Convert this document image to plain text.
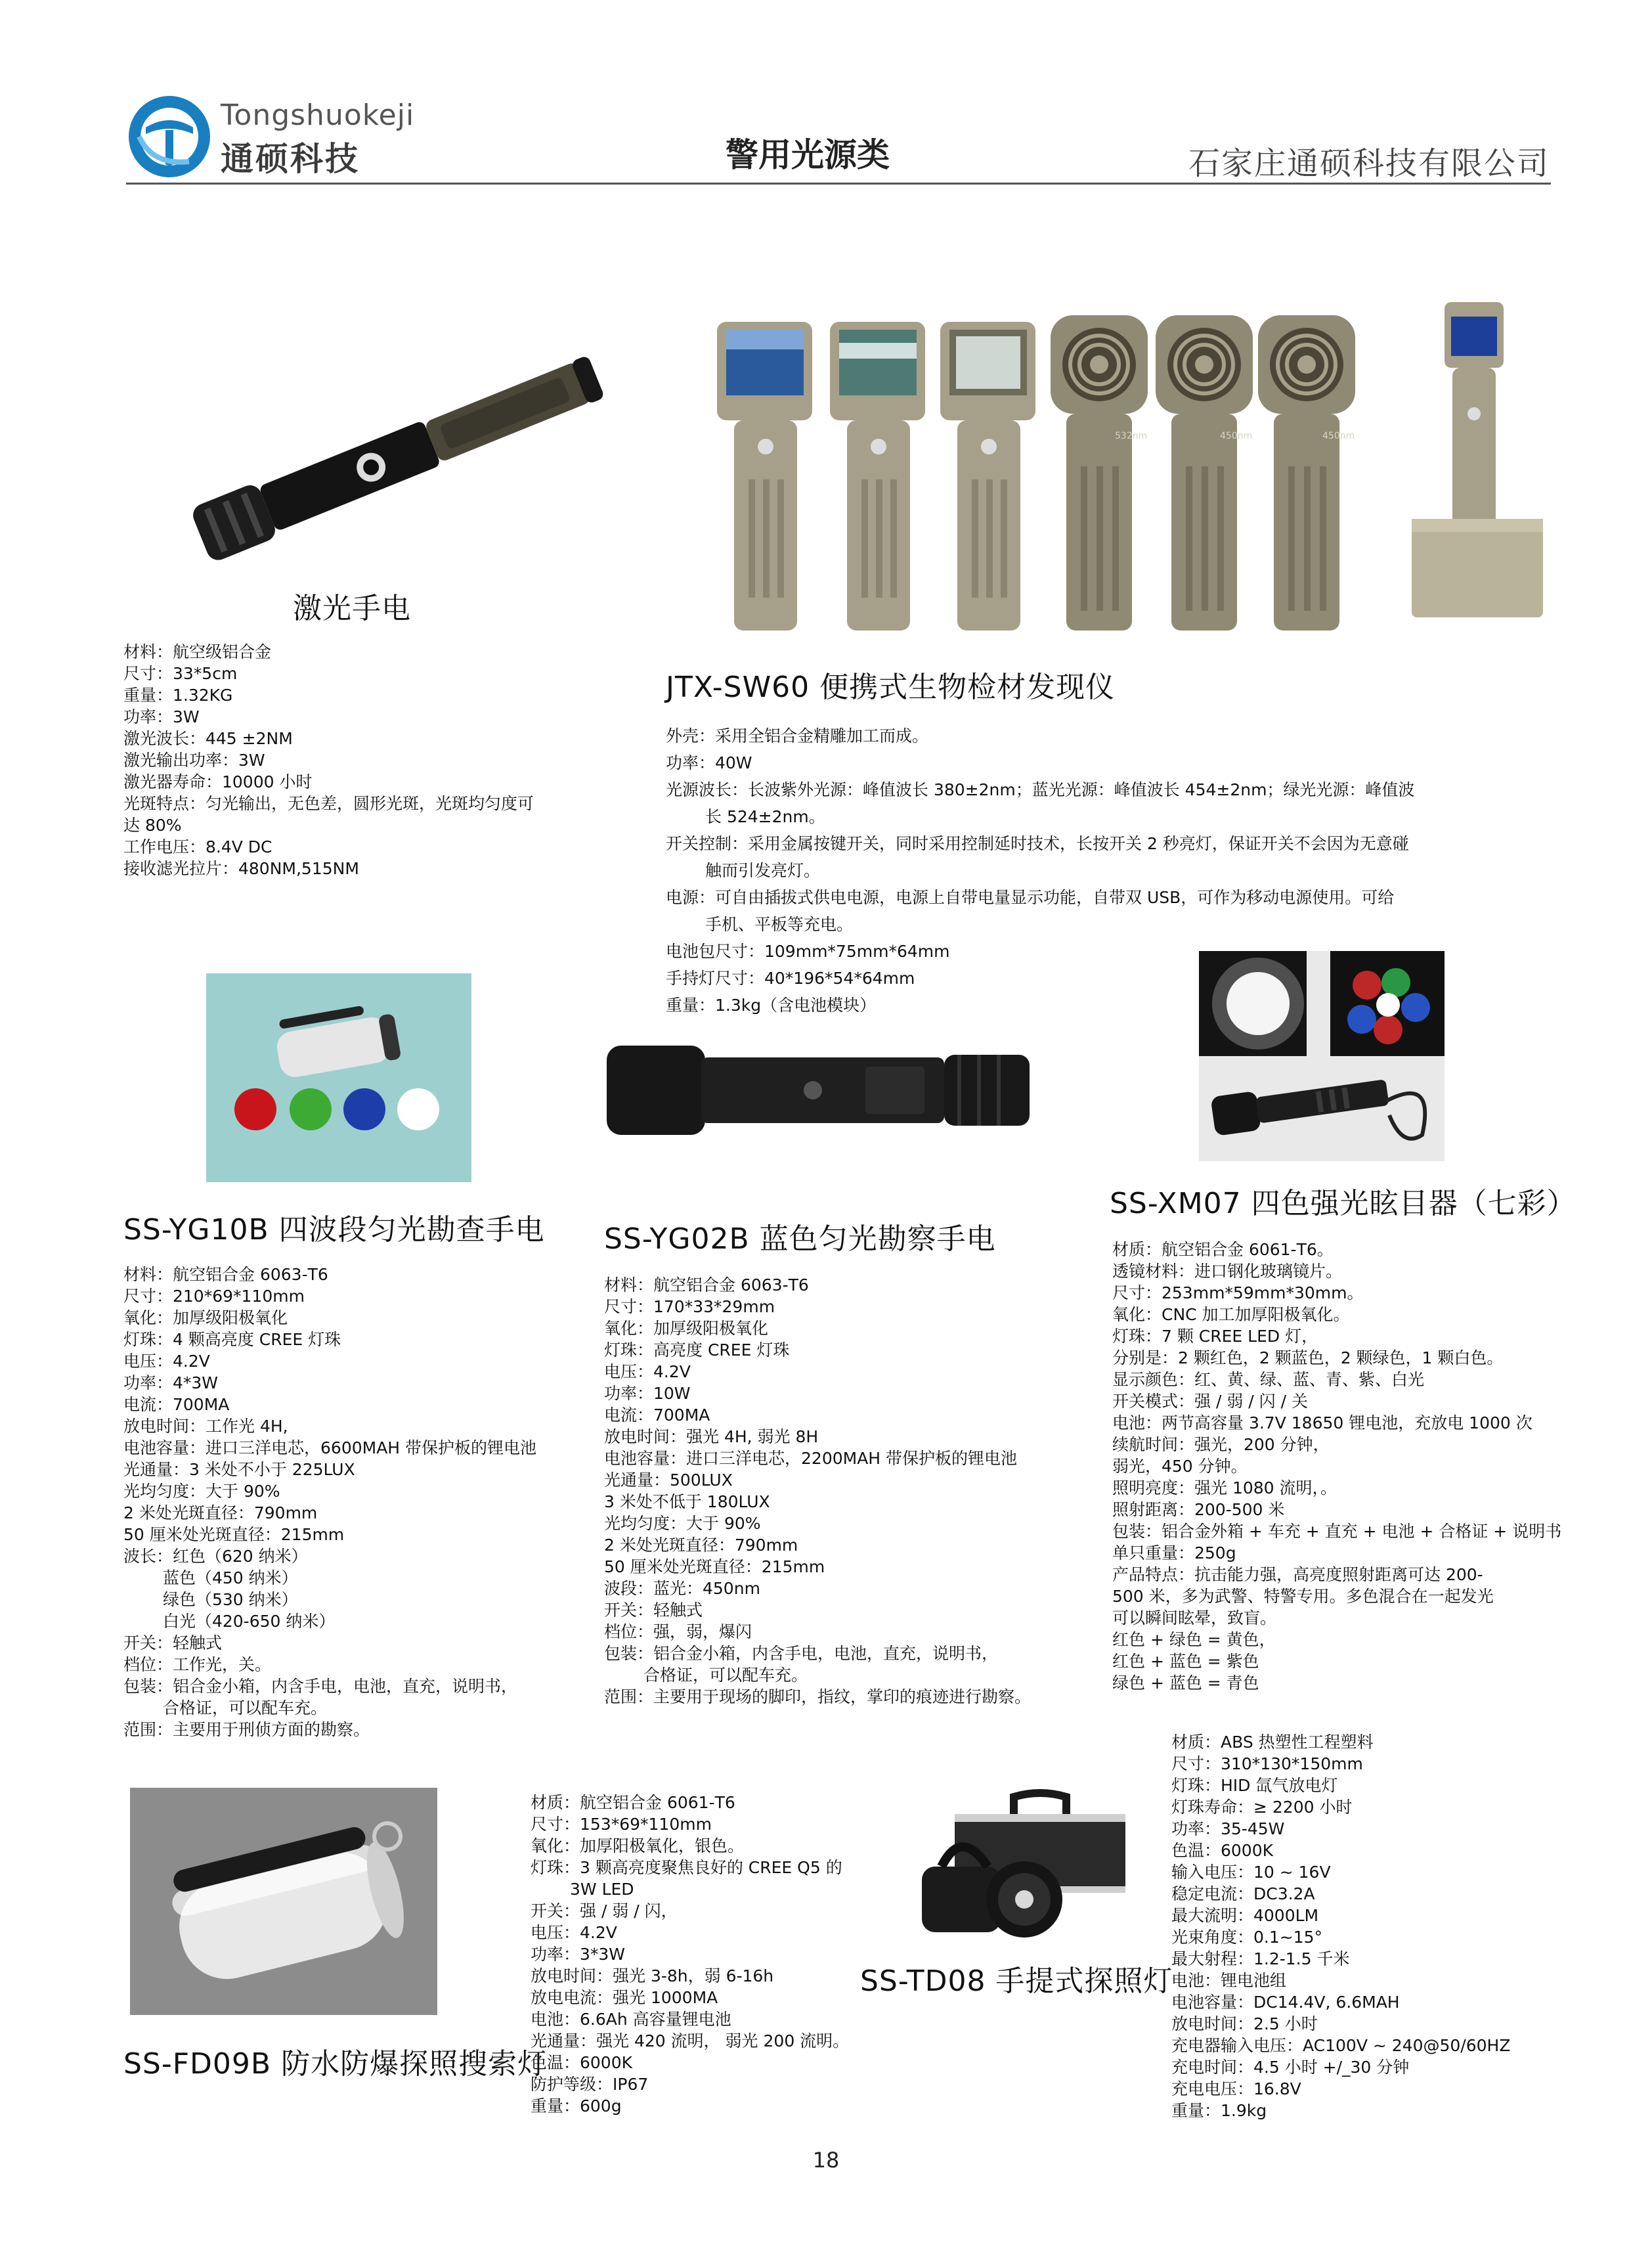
Tongshuokeji
通硕科技	警用光源类	石家庄通硕科技有限公司
激光手电
材料：航空级铝合金
尺寸：33*5cm
重量：1.32KG
功率：3W
激光波长：445 ±2NM
激光输出功率：3W
激光器寿命：10000 小时
光斑特点：匀光输出，无色差，圆形光斑，光斑均匀度可
达 80%
工作电压：8.4V DC
接收滤光拉片：480NM,515NM
532nm	450nm	450nm
JTX-SW60 便携式生物检材发现仪
外壳：采用全铝合金精雕加工而成。
功率：40W
光源波长：长波紫外光源：峰值波长 380±2nm；蓝光光源：峰值波长 454±2nm；绿光光源：峰值波
长 524±2nm。
开关控制：采用金属按键开关，同时采用控制延时技术，长按开关 2 秒亮灯，保证开关不会因为无意碰
触而引发亮灯。
电源：可自由插拔式供电电源，电源上自带电量显示功能，自带双 USB，可作为移动电源使用。可给
手机、平板等充电。
电池包尺寸：109mm*75mm*64mm
手持灯尺寸：40*196*54*64mm
重量：1.3kg（含电池模块）
SS-YG10B 四波段匀光勘查手电
材料：航空铝合金 6063-T6
尺寸：210*69*110mm
氧化：加厚级阳极氧化
灯珠：4 颗高亮度 CREE 灯珠
电压：4.2V
功率：4*3W
电流：700MA
放电时间：工作光 4H,
电池容量：进口三洋电芯，6600MAH 带保护板的锂电池
光通量：3 米处不小于 225LUX
光均匀度：大于 90%
2 米处光斑直径：790mm
50 厘米处光斑直径：215mm
波长：红色（620 纳米）
蓝色（450 纳米）
绿色（530 纳米）
白光（420-650 纳米）
开关：轻触式
档位：工作光，关。
包装：铝合金小箱，内含手电，电池，直充，说明书，
合格证，可以配车充。
范围：主要用于刑侦方面的勘察。
SS-YG02B 蓝色匀光勘察手电
材料：航空铝合金 6063-T6
尺寸：170*33*29mm
氧化：加厚级阳极氧化
灯珠：高亮度 CREE 灯珠
电压：4.2V
功率：10W
电流：700MA
放电时间：强光 4H, 弱光 8H
电池容量：进口三洋电芯，2200MAH 带保护板的锂电池
光通量：500LUX
3 米处不低于 180LUX
光均匀度：大于 90%
2 米处光斑直径：790mm
50 厘米处光斑直径：215mm
波段：蓝光：450nm
开关：轻触式
档位：强，弱，爆闪
包装：铝合金小箱，内含手电，电池，直充，说明书，
合格证，可以配车充。
范围：主要用于现场的脚印，指纹，掌印的痕迹进行勘察。
SS-XM07 四色强光眩目器（七彩）
材质：航空铝合金 6061-T6。
透镜材料：进口钢化玻璃镜片。
尺寸：253mm*59mm*30mm。
氧化：CNC 加工加厚阳极氧化。
灯珠：7 颗 CREE LED 灯，
分别是：2 颗红色，2 颗蓝色，2 颗绿色，1 颗白色。
显示颜色：红、黄、绿、蓝、青、紫、白光
开关模式：强 / 弱 / 闪 / 关
电池：两节高容量 3.7V 18650 锂电池，充放电 1000 次
续航时间：强光，200 分钟，
弱光，450 分钟。
照明亮度：强光 1080 流明，。
照射距离：200-500 米
包装：铝合金外箱 + 车充 + 直充 + 电池 + 合格证 + 说明书
单只重量：250g
产品特点：抗击能力强，高亮度照射距离可达 200-
500 米，多为武警、特警专用。多色混合在一起发光
可以瞬间眩晕，致盲。
红色 + 绿色 = 黄色，
红色 + 蓝色 = 紫色
绿色 + 蓝色 = 青色
SS-FD09B 防水防爆探照搜索灯
材质：航空铝合金 6061-T6
尺寸：153*69*110mm
氧化：加厚阳极氧化，银色。
灯珠：3 颗高亮度聚焦良好的 CREE Q5 的
3W LED
开关：强 / 弱 / 闪，
电压：4.2V
功率：3*3W
放电时间：强光 3-8h，弱 6-16h
放电电流：强光 1000MA
电池：6.6Ah 高容量锂电池
光通量：强光 420 流明， 弱光 200 流明。
色温：6000K
防护等级：IP67
重量：600g
SS-TD08 手提式探照灯
材质：ABS 热塑性工程塑料
尺寸：310*130*150mm
灯珠：HID 氙气放电灯
灯珠寿命：≥ 2200 小时
功率：35-45W
色温：6000K
输入电压：10 ~ 16V
稳定电流：DC3.2A
最大流明：4000LM
光束角度：0.1~15°
最大射程：1.2-1.5 千米
电池：锂电池组
电池容量：DC14.4V, 6.6MAH
放电时间：2.5 小时
充电器输入电压：AC100V ~ 240@50/60HZ
充电时间：4.5 小时 +/_30 分钟
充电电压：16.8V
重量：1.9kg
18
